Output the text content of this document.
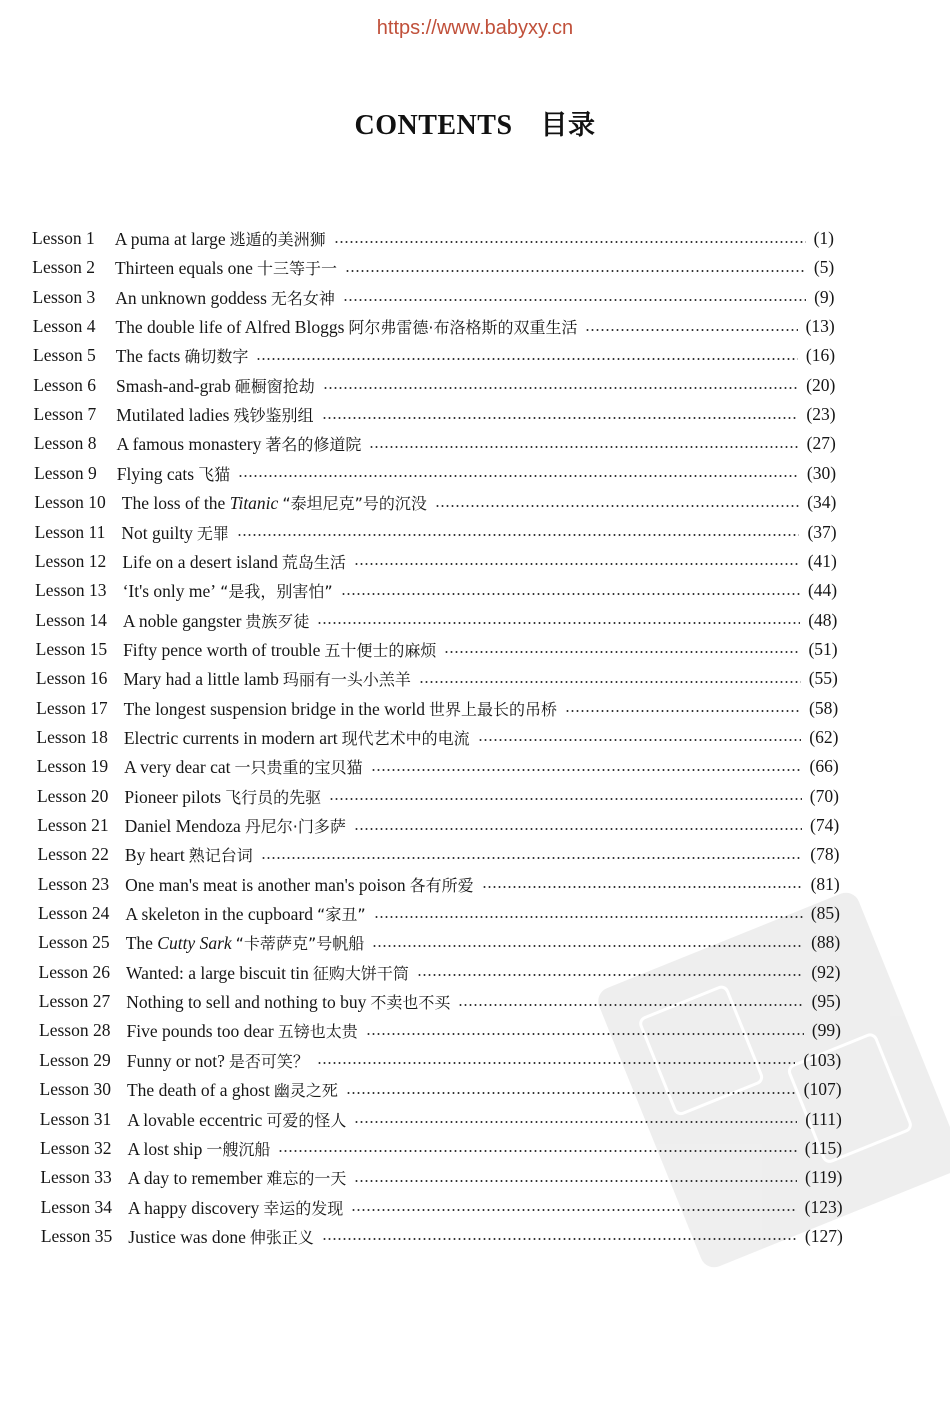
https://www.babyxy.cn
CONTENTS 目录
Lesson 1 A puma at large 逃遁的美洲狮	(1)
Lesson 2 Thirteen equals one 十三等于一	(5)
Lesson 3 An unknown goddess 无名女神	(9)
Lesson 4 The double life of Alfred Bloggs 阿尔弗雷德·布洛格斯的双重生活	(13)
Lesson 5 The facts 确切数字	(16)
Lesson 6 Smash-and-grab 砸橱窗抢劫	(20)
Lesson 7 Mutilated ladies 残钞鉴别组	(23)
Lesson 8 A famous monastery 著名的修道院	(27)
Lesson 9 Flying cats 飞猫	(30)
Lesson 10 The loss of the Titanic “泰坦尼克”号的沉没	(34)
Lesson 11 Not guilty 无罪	(37)
Lesson 12 Life on a desert island 荒岛生活	(41)
Lesson 13 ‘It's only me’ “是我，别害怕”	(44)
Lesson 14 A noble gangster 贵族歹徒	(48)
Lesson 15 Fifty pence worth of trouble 五十便士的麻烦	(51)
Lesson 16 Mary had a little lamb 玛丽有一头小羔羊	(55)
Lesson 17 The longest suspension bridge in the world 世界上最长的吊桥	(58)
Lesson 18 Electric currents in modern art 现代艺术中的电流	(62)
Lesson 19 A very dear cat 一只贵重的宝贝猫	(66)
Lesson 20 Pioneer pilots 飞行员的先驱	(70)
Lesson 21 Daniel Mendoza 丹尼尔·门多萨	(74)
Lesson 22 By heart 熟记台词	(78)
Lesson 23 One man's meat is another man's poison 各有所爱	(81)
Lesson 24 A skeleton in the cupboard “家丑”	(85)
Lesson 25 The Cutty Sark “卡蒂萨克”号帆船	(88)
Lesson 26 Wanted: a large biscuit tin 征购大饼干筒	(92)
Lesson 27 Nothing to sell and nothing to buy 不卖也不买	(95)
Lesson 28 Five pounds too dear 五镑也太贵	(99)
Lesson 29 Funny or not? 是否可笑？	(103)
Lesson 30 The death of a ghost 幽灵之死	(107)
Lesson 31 A lovable eccentric 可爱的怪人	(111)
Lesson 32 A lost ship 一艘沉船	(115)
Lesson 33 A day to remember 难忘的一天	(119)
Lesson 34 A happy discovery 幸运的发现	(123)
Lesson 35 Justice was done 伸张正义	(127)
